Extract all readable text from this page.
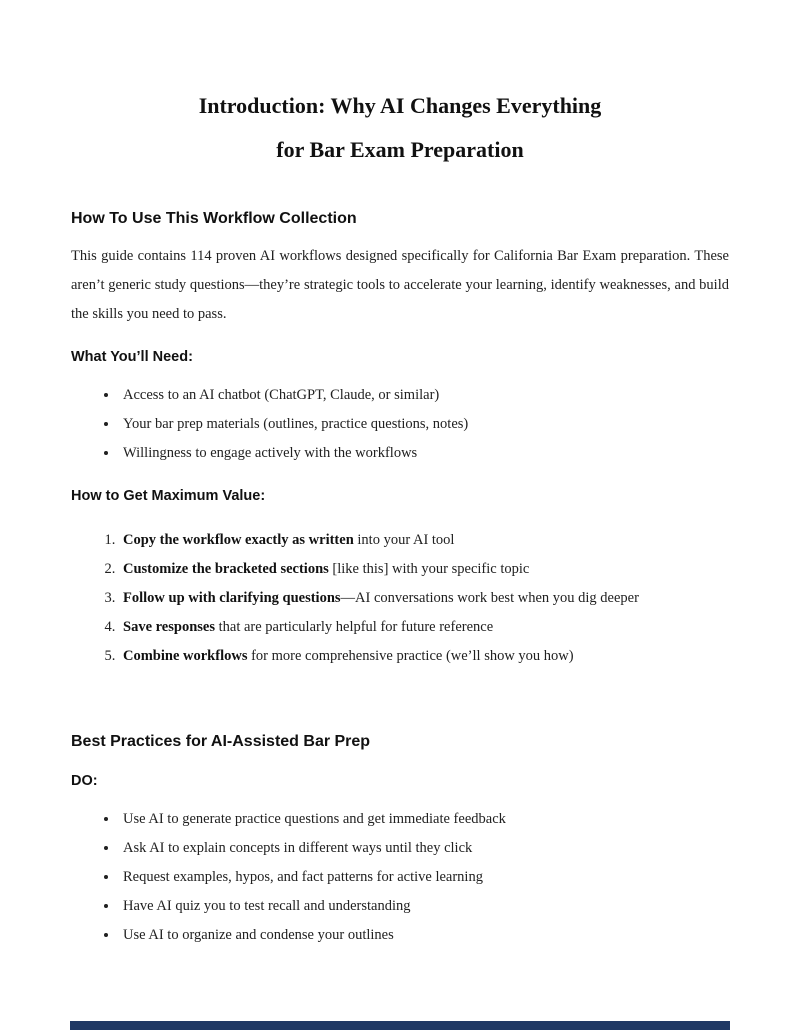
Introduction: Why AI Changes Everything
for Bar Exam Preparation
How To Use This Workflow Collection

This guide contains 114 proven AI workflows designed specifically for California Bar Exam preparation. These aren’t generic study questions—they’re strategic tools to accelerate your learning, identify weaknesses, and build the skills you need to pass.

What You’ll Need:
• Access to an AI chatbot (ChatGPT, Claude, or similar)
• Your bar prep materials (outlines, practice questions, notes)
• Willingness to engage actively with the workflows
How to Get Maximum Value:
1. Copy the workflow exactly as written into your AI tool
2. Customize the bracketed sections [like this] with your specific topic
3. Follow up with clarifying questions—AI conversations work best when you dig deeper
4. Save responses that are particularly helpful for future reference
5. Combine workflows for more comprehensive practice (we’ll show you how)
Best Practices for AI-Assisted Bar Prep
DO:
• Use AI to generate practice questions and get immediate feedback
• Ask AI to explain concepts in different ways until they click
• Request examples, hypos, and fact patterns for active learning
• Have AI quiz you to test recall and understanding
• Use AI to organize and condense your outlines
